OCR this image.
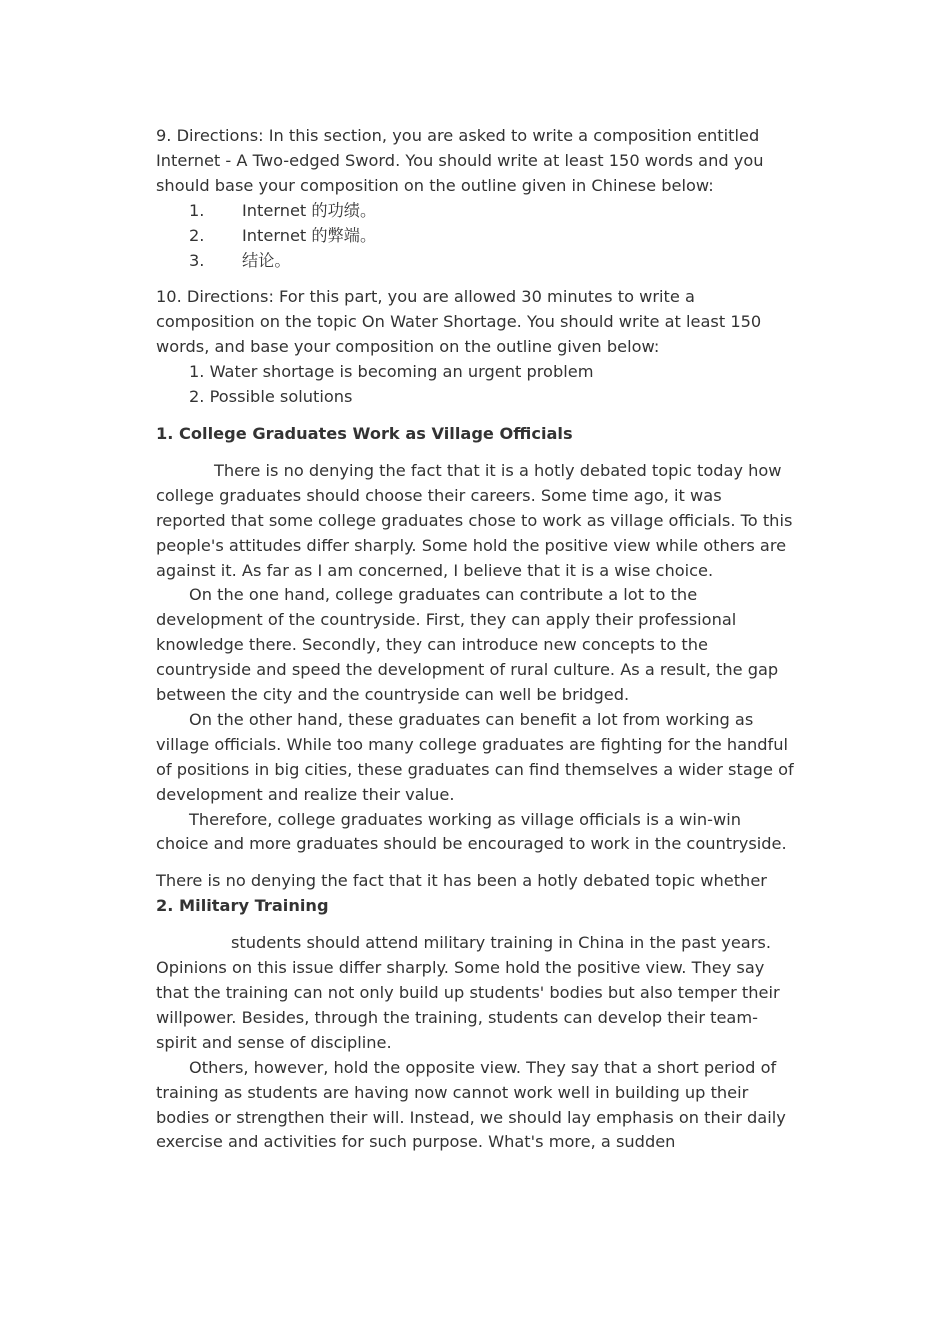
9. Directions: In this section, you are asked to write a composition entitled Internet - A Two-edged Sword. You should write at least 150 words and you should base your composition on the outline given in Chinese below:

1.	Internet 的功绩。
2.	Internet 的弊端。
3.	结论。

10. Directions: For this part, you are allowed 30 minutes to write a composition on the topic On Water Shortage. You should write at least 150 words, and base your composition on the outline given below:

1. Water shortage is becoming an urgent problem
2. Possible solutions

1. College Graduates Work as Village Officials

There is no denying the fact that it is a hotly debated topic today how college graduates should choose their careers. Some time ago, it was reported that some college graduates chose to work as village officials. To this people's attitudes differ sharply. Some hold the positive view while others are against it. As far as I am concerned, I believe that it is a wise choice.

On the one hand, college graduates can contribute a lot to the development of the countryside. First, they can apply their professional knowledge there. Secondly, they can introduce new concepts to the countryside and speed the development of rural culture. As a result, the gap between the city and the countryside can well be bridged.

On the other hand, these graduates can benefit a lot from working as village officials. While too many college graduates are fighting for the handful of positions in big cities, these graduates can find themselves a wider stage of development and realize their value.

Therefore, college graduates working as village officials is a win-win choice and more graduates should be encouraged to work in the countryside.

There is no denying the fact that it has been a hotly debated topic whether

2. Military Training

students should attend military training in China in the past years. Opinions on this issue differ sharply. Some hold the positive view. They say that the training can not only build up students' bodies but also temper their willpower. Besides, through the training, students can develop their team-spirit and sense of discipline.

Others, however, hold the opposite view. They say that a short period of training as students are having now cannot work well in building up their bodies or strengthen their will. Instead, we should lay emphasis on their daily exercise and activities for such purpose. What's more, a sudden
